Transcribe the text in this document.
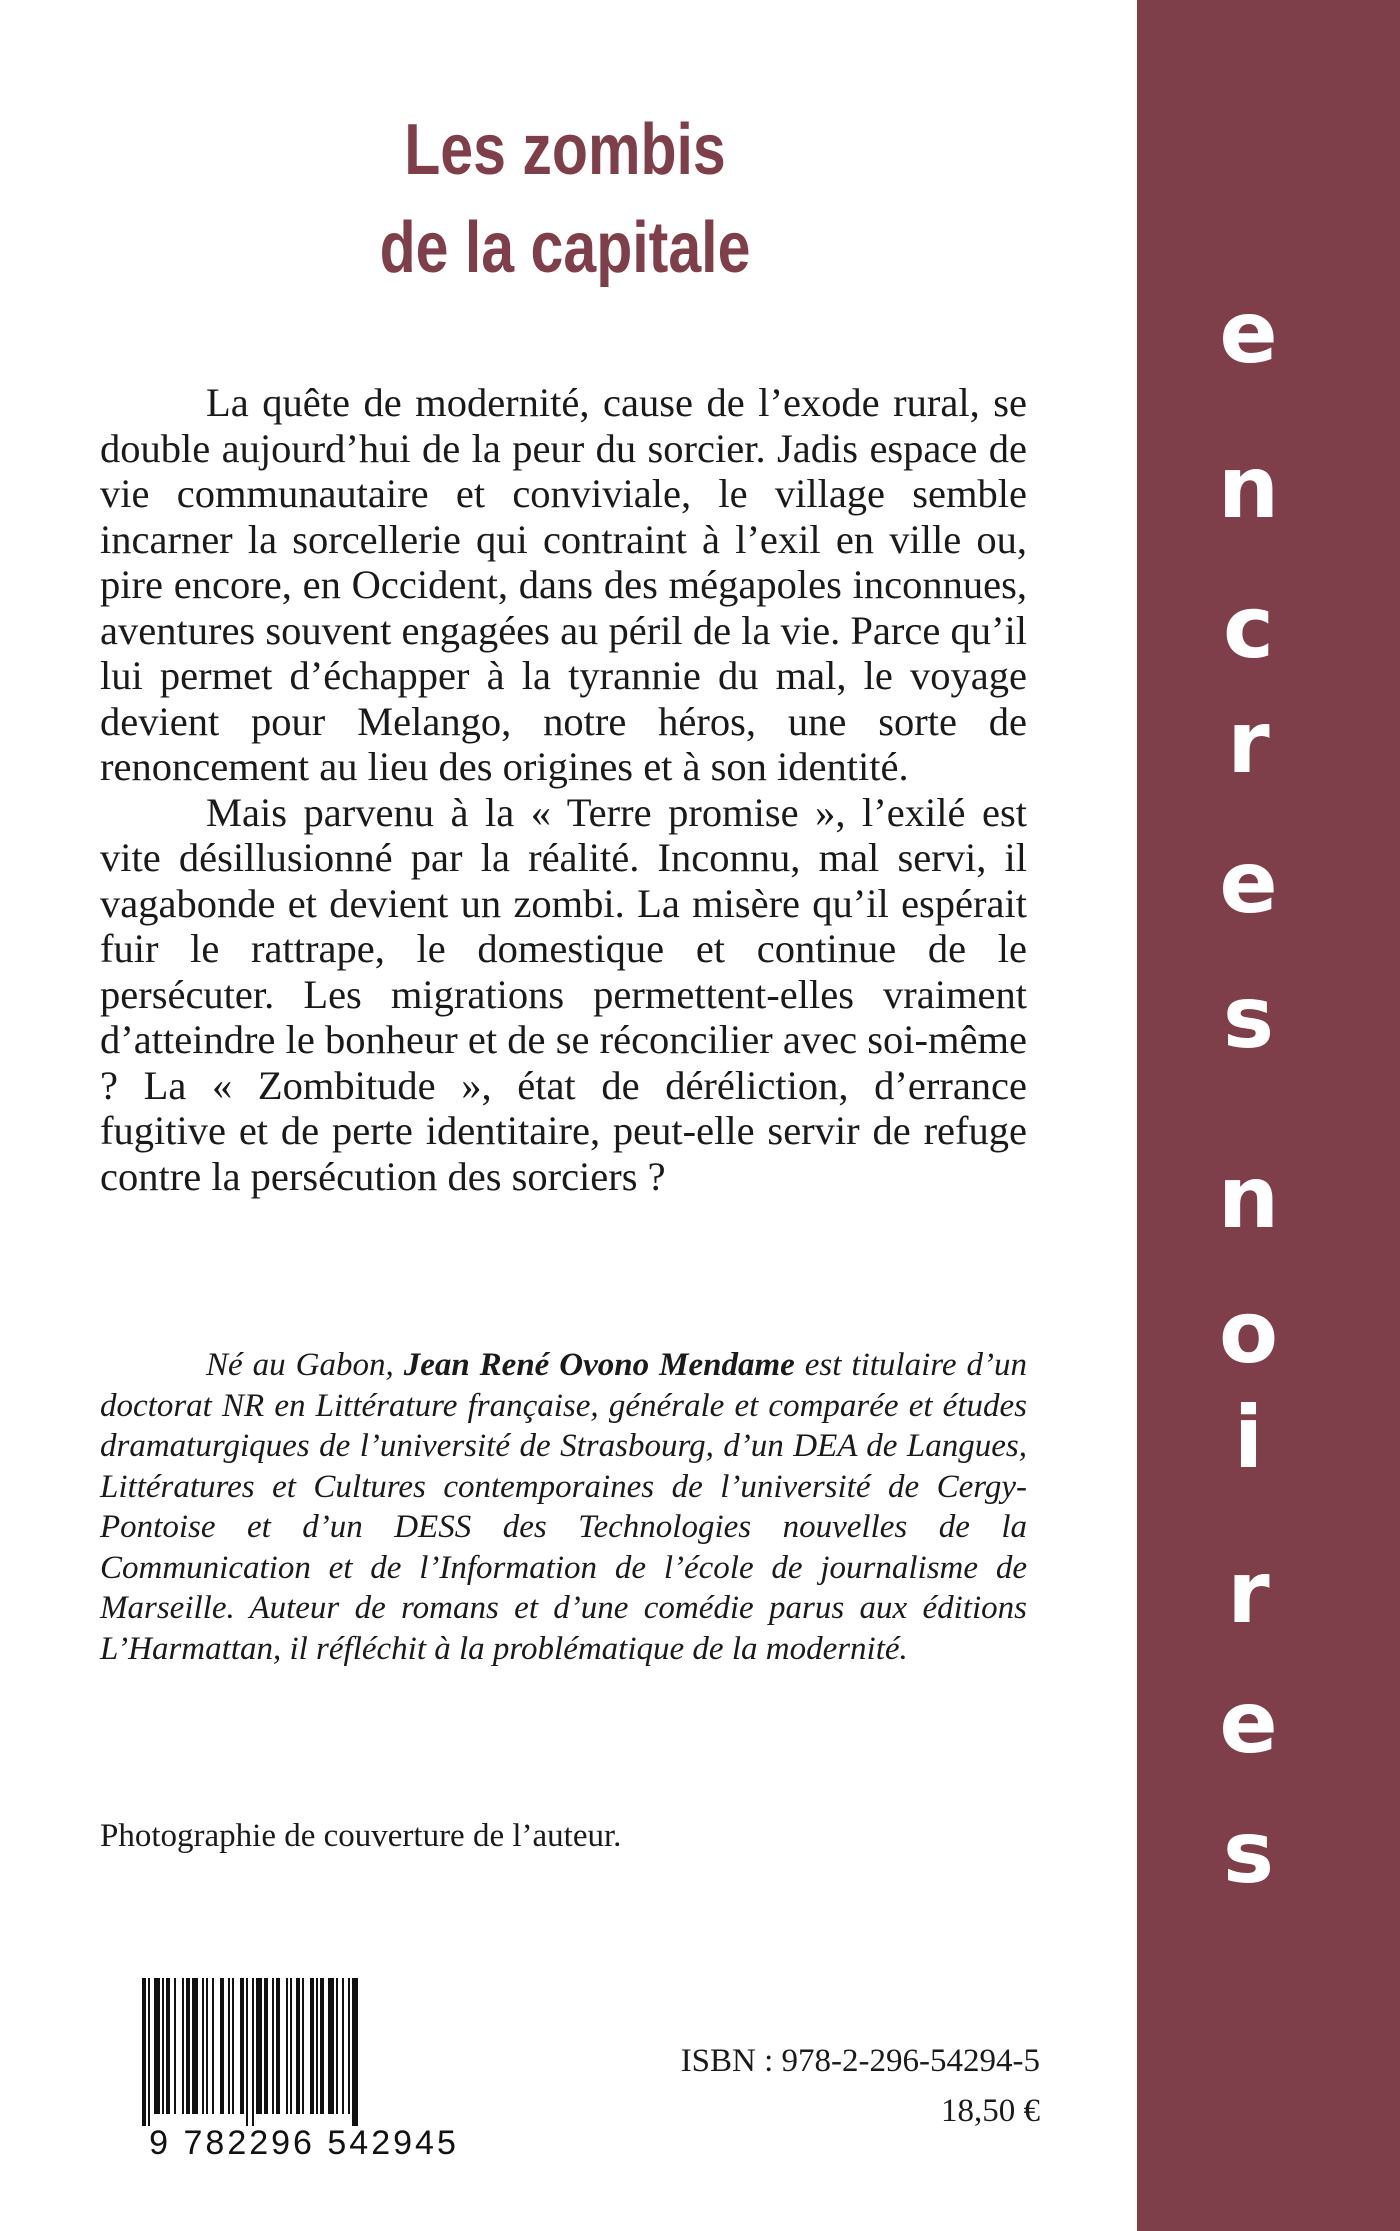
e
n
c
r
e
s
n
o
i
r
e
s
Les zombis
de la capitale

La quête de modernité, cause de l’exode rural, se double aujourd’hui de la peur du sorcier. Jadis espace de vie communautaire et conviviale, le village semble incarner la sorcellerie qui contraint à l’exil en ville ou, pire encore, en Occident, dans des mégapoles inconnues, aventures souvent engagées au péril de la vie. Parce qu’il lui permet d’échapper à la tyrannie du mal, le voyage devient pour Melango, notre héros, une sorte de renoncement au lieu des origines et à son identité.

Mais parvenu à la « Terre promise », l’exilé est vite désillusionné par la réalité. Inconnu, mal servi, il vagabonde et devient un zombi. La misère qu’il espérait fuir le rattrape, le domestique et continue de le persécuter. Les migrations permettent-elles vraiment d’atteindre le bonheur et de se réconcilier avec soi-même ? La « Zombitude », état de déréliction, d’errance fugitive et de perte identitaire, peut-elle servir de refuge contre la persécution des sorciers ?

Né au Gabon, Jean René Ovono Mendame est titulaire d’un doctorat NR en Littérature française, générale et comparée et études dramaturgiques de l’université de Strasbourg, d’un DEA de Langues, Littératures et Cultures contemporaines de l’université de Cergy-Pontoise et d’un DESS des Technologies nouvelles de la Communication et de l’Information de l’école de journalisme de Marseille. Auteur de romans et d’une comédie parus aux éditions L’Harmattan, il réfléchit à la problématique de la modernité.
Photographie de couverture de l’auteur.
9 782296 542945
ISBN : 978-2-296-54294-5
18,50 €
